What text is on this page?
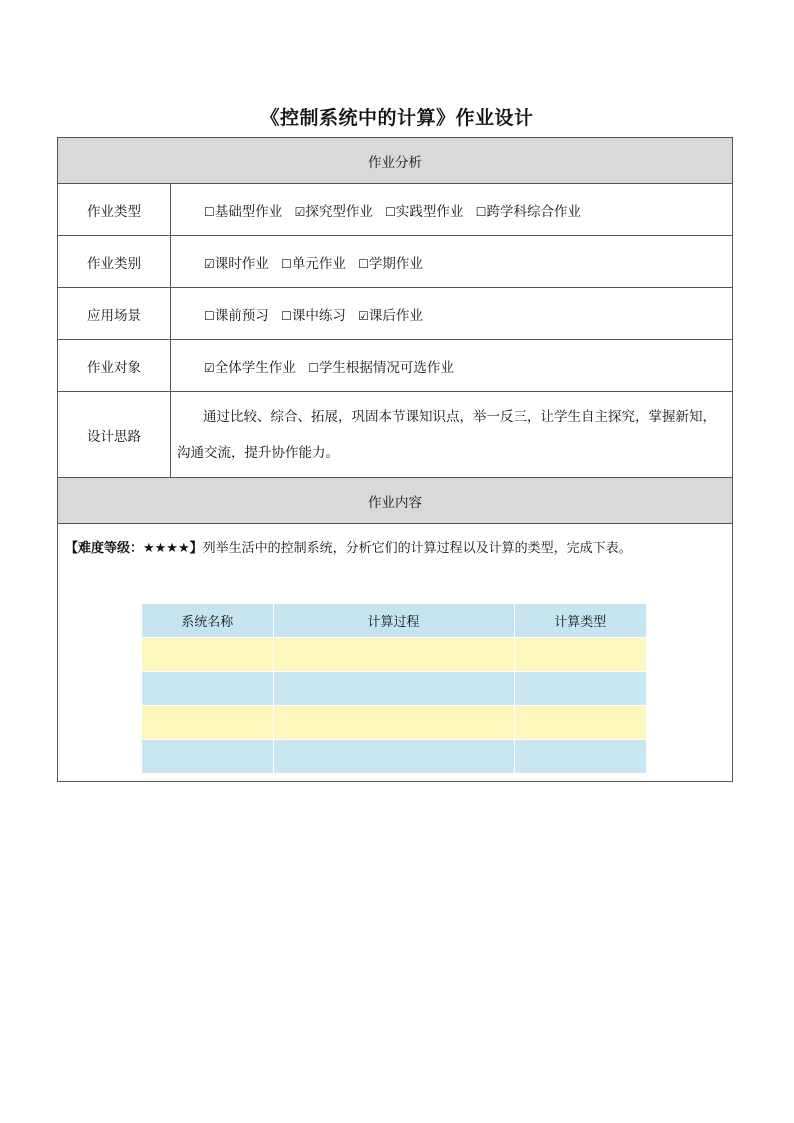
《控制系统中的计算》作业设计
作业分析
作业类型	☐基础型作业 ☑探究型作业 ☐实践型作业 ☐跨学科综合作业
作业类别	☑课时作业 ☐单元作业 ☐学期作业
应用场景	☐课前预习 ☐课中练习 ☑课后作业
作业对象	☑全体学生作业 ☐学生根据情况可选作业
设计思路	通过比较、综合、拓展，巩固本节课知识点，举一反三，让学生自主探究，掌握新知，沟通交流，提升协作能力。
作业内容

【难度等级：★★★★】列举生活中的控制系统，分析它们的计算过程以及计算的类型，完成下表。
系统名称	计算过程	计算类型
